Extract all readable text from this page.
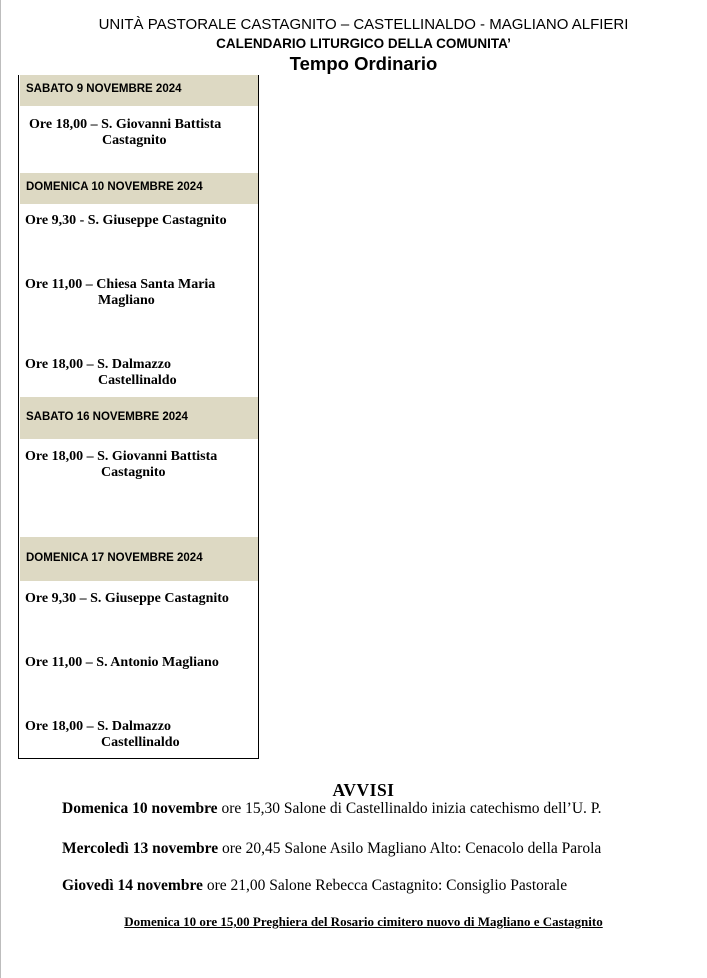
UNITÀ PASTORALE CASTAGNITO – CASTELLINALDO - MAGLIANO ALFIERI
CALENDARIO LITURGICO DELLA COMUNITA’
Tempo Ordinario
SABATO 9 NOVEMBRE 2024
Ore 18,00 – S. Giovanni Battista
Castagnito
DOMENICA 10 NOVEMBRE 2024
Ore 9,30 - S. Giuseppe Castagnito
Ore 11,00 – Chiesa Santa Maria
Magliano
Ore 18,00 – S. Dalmazzo
Castellinaldo
SABATO 16 NOVEMBRE 2024
Ore 18,00 – S. Giovanni Battista
Castagnito
DOMENICA 17 NOVEMBRE 2024
Ore 9,30 – S. Giuseppe Castagnito
Ore 11,00 – S. Antonio Magliano
Ore 18,00 – S. Dalmazzo
Castellinaldo
AVVISI
Domenica 10 novembre ore 15,30 Salone di Castellinaldo inizia catechismo dell’U. P.
Mercoledì 13 novembre ore 20,45 Salone Asilo Magliano Alto: Cenacolo della Parola
Giovedì 14 novembre ore 21,00 Salone Rebecca Castagnito: Consiglio Pastorale
Domenica 10 ore 15,00 Preghiera del Rosario cimitero nuovo di Magliano e Castagnito
